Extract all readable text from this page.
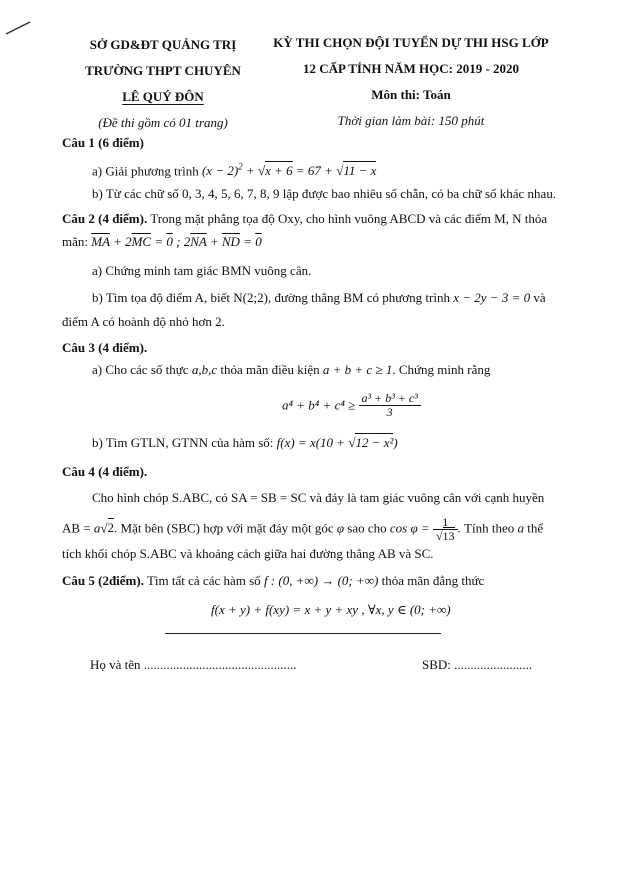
SỞ GD&ĐT QUẢNG TRỊ
TRƯỜNG THPT CHUYÊN
LÊ QUÝ ĐÔN
(Đề thi gồm có 01 trang)
KỲ THI CHỌN ĐỘI TUYỂN DỰ THI HSG LỚP
12 CẤP TỈNH NĂM HỌC: 2019 - 2020
Môn thi: Toán
Thời gian làm bài: 150 phút
Câu 1 (6 điểm)
a) Giải phương trình $(x - 2)^2 + √x + 6 = 67 + √11 - x$
b) Từ các chữ số 0, 3, 4, 5, 6, 7, 8, 9 lập được bao nhiêu số chẵn, có ba chữ số khác nhau.
Câu 2 (4 điểm). Trong mặt phẳng tọa độ Oxy, cho hình vuông ABCD và các điểm M, N thỏa
mãn: $\overline{MA} + 2\overline{MC} = 0$ ; $2\overline{NA} + \overline{ND} = 0$
a) Chứng minh tam giác BMN vuông cân.
b) Tìm tọa độ điểm A, biết N(2;2), đường thẳng BM có phương trình x − 2y − 3 = 0 và
điểm A có hoành độ nhỏ hơn 2.
Câu 3 (4 điểm).
a) Cho các số thực a,b,c thỏa mãn điều kiện a + b + c ≥ 1. Chứng minh rằng
$a^4 + b^4 + c^4 \ge \frac{\text{a³ + b³ + c³}}{3}$
b) Tìm GTLN, GTNN của hàm số: f(x) = x(10 + √12 − x²)
Câu 4 (4 điểm).
Cho hình chóp S.ABC, có SA = SB = SC và đáy là tam giác vuông cân với cạnh huyền
AB = a√2. Mặt bên (SBC) hợp với mặt đáy một góc φ sao cho $\cos \varphi = \frac{1}{√13}$ . Tính theo a thể
tích khối chóp S.ABC và khoảng cách giữa hai đường thẳng AB và SC.
Câu 5 (2điểm). Tìm tất cả các hàm số f : (0, +∞) → (0; +∞) thỏa mãn đẳng thức
f(x + y) + f(xy) = x + y + xy , ∀x, y ∈ (0; +∞)
Họ và tên ...............................................	SBD: ........................
